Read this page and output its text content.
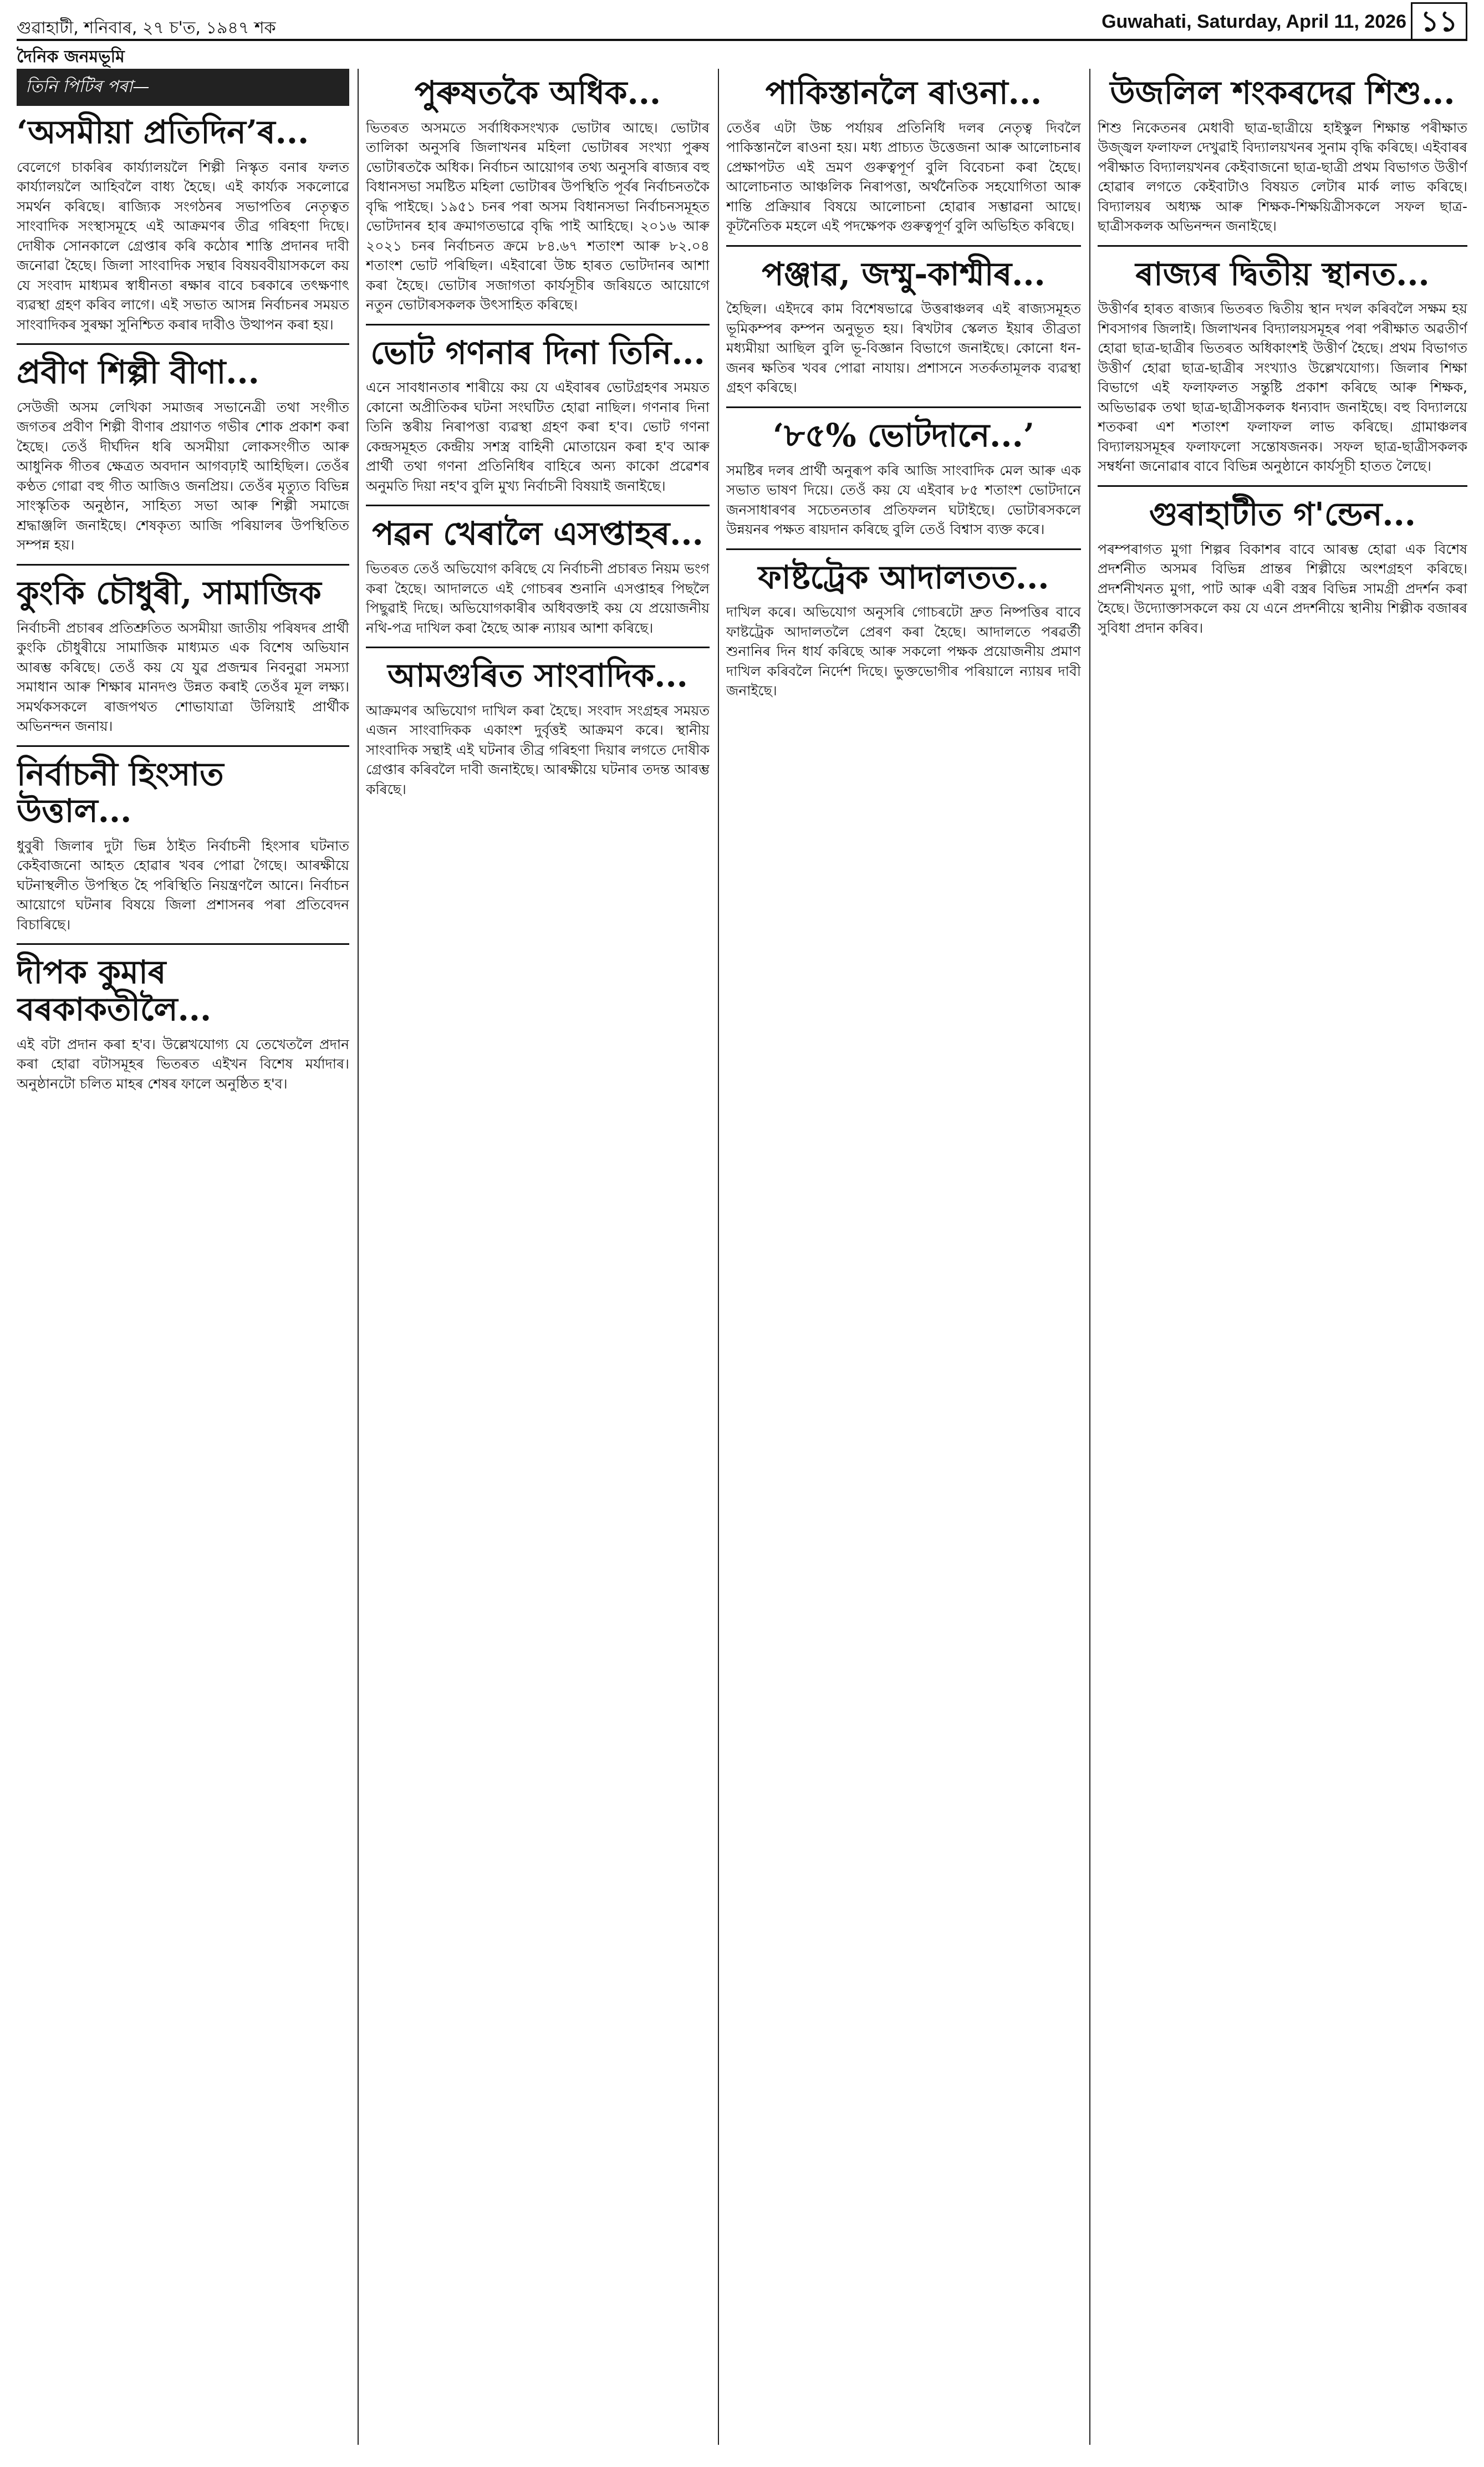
গুৱাহাটী, শনিবাৰ, ২৭ চ'ত, ১৯৪৭ শক	Guwahati, Saturday, April 11, 2026 ১১
দৈনিক জনমভূমি
তিনি পিটিৰ পৰা—
‘অসমীয়া প্ৰতিদিন’ৰ...
বেলেগে চাকৰিৰ কাৰ্য্যালয়লৈ শিল্পী নিস্কৃত বনাৰ ফলত কাৰ্য্যালয়লৈ আহিবলৈ বাধ্য হৈছে। এই কাৰ্য্যক সকলোৱে সমৰ্থন কৰিছে। ৰাজ্যিক সংগঠনৰ সভাপতিৰ নেতৃত্বত সাংবাদিক সংস্থাসমূহে এই আক্ৰমণৰ তীব্ৰ গৰিহণা দিছে। দোষীক সোনকালে গ্ৰেপ্তাৰ কৰি কঠোৰ শাস্তি প্ৰদানৰ দাবী জনোৱা হৈছে। জিলা সাংবাদিক সন্থাৰ বিষয়ববীয়াসকলে কয় যে সংবাদ মাধ্যমৰ স্বাধীনতা ৰক্ষাৰ বাবে চৰকাৰে তৎক্ষণাৎ ব্যৱস্থা গ্ৰহণ কৰিব লাগে। এই সভাত আসন্ন নিৰ্বাচনৰ সময়ত সাংবাদিকৰ সুৰক্ষা সুনিশ্চিত কৰাৰ দাবীও উত্থাপন কৰা হয়।
প্ৰবীণ শিল্পী বীণা...
সেউজী অসম লেখিকা সমাজৰ সভানেত্ৰী তথা সংগীত জগতৰ প্ৰবীণ শিল্পী বীণাৰ প্ৰয়াণত গভীৰ শোক প্ৰকাশ কৰা হৈছে। তেওঁ দীৰ্ঘদিন ধৰি অসমীয়া লোকসংগীত আৰু আধুনিক গীতৰ ক্ষেত্ৰত অবদান আগবঢ়াই আহিছিল। তেওঁৰ কণ্ঠত গোৱা বহু গীত আজিও জনপ্ৰিয়। তেওঁৰ মৃত্যুত বিভিন্ন সাংস্কৃতিক অনুষ্ঠান, সাহিত্য সভা আৰু শিল্পী সমাজে শ্ৰদ্ধাঞ্জলি জনাইছে। শেষকৃত্য আজি পৰিয়ালৰ উপস্থিতিত সম্পন্ন হয়।
কুংকি চৌধুৰী, সামাজিক
নিৰ্বাচনী প্ৰচাৰৰ প্ৰতিশ্ৰুতিত অসমীয়া জাতীয় পৰিষদৰ প্ৰাৰ্থী কুংকি চৌধুৰীয়ে সামাজিক মাধ্যমত এক বিশেষ অভিযান আৰম্ভ কৰিছে। তেওঁ কয় যে যুৱ প্ৰজন্মৰ নিবনুৱা সমস্যা সমাধান আৰু শিক্ষাৰ মানদণ্ড উন্নত কৰাই তেওঁৰ মূল লক্ষ্য। সমৰ্থকসকলে ৰাজপথত শোভাযাত্ৰা উলিয়াই প্ৰাৰ্থীক অভিনন্দন জনায়।
নিৰ্বাচনী হিংসাত উত্তাল...
ধুবুৰী জিলাৰ দুটা ভিন্ন ঠাইত নিৰ্বাচনী হিংসাৰ ঘটনাত কেইবাজনো আহত হোৱাৰ খবৰ পোৱা গৈছে। আৰক্ষীয়ে ঘটনাস্থলীত উপস্থিত হৈ পৰিস্থিতি নিয়ন্ত্ৰণলৈ আনে। নিৰ্বাচন আয়োগে ঘটনাৰ বিষয়ে জিলা প্ৰশাসনৰ পৰা প্ৰতিবেদন বিচাৰিছে।
দীপক কুমাৰ বৰকাকতীলৈ...
এই বটা প্ৰদান কৰা হ'ব। উল্লেখযোগ্য যে তেখেতলৈ প্ৰদান কৰা হোৱা বটাসমূহৰ ভিতৰত এইখন বিশেষ মৰ্যাদাৰ। অনুষ্ঠানটো চলিত মাহৰ শেষৰ ফালে অনুষ্ঠিত হ'ব।
পুৰুষতকৈ অধিক...
ভিতৰত অসমতে সৰ্বাধিকসংখ্যক ভোটাৰ আছে। ভোটাৰ তালিকা অনুসৰি জিলাখনৰ মহিলা ভোটাৰৰ সংখ্যা পুৰুষ ভোটাৰতকৈ অধিক। নিৰ্বাচন আয়োগৰ তথ্য অনুসৰি ৰাজ্যৰ বহু বিধানসভা সমষ্টিত মহিলা ভোটাৰৰ উপস্থিতি পূৰ্বৰ নিৰ্বাচনতকৈ বৃদ্ধি পাইছে। ১৯৫১ চনৰ পৰা অসম বিধানসভা নিৰ্বাচনসমূহত ভোটদানৰ হাৰ ক্ৰমাগতভাৱে বৃদ্ধি পাই আহিছে। ২০১৬ আৰু ২০২১ চনৰ নিৰ্বাচনত ক্ৰমে ৮৪.৬৭ শতাংশ আৰু ৮২.০৪ শতাংশ ভোট পৰিছিল। এইবাৰো উচ্চ হাৰত ভোটদানৰ আশা কৰা হৈছে। ভোটাৰ সজাগতা কাৰ্যসূচীৰ জৰিয়তে আয়োগে নতুন ভোটাৰসকলক উৎসাহিত কৰিছে।
ভোট গণনাৰ দিনা তিনি...
এনে সাবধানতাৰ শাৰীয়ে কয় যে এইবাৰৰ ভোটগ্ৰহণৰ সময়ত কোনো অপ্ৰীতিকৰ ঘটনা সংঘটিত হোৱা নাছিল। গণনাৰ দিনা তিনি স্তৰীয় নিৰাপত্তা ব্যৱস্থা গ্ৰহণ কৰা হ'ব। ভোট গণনা কেন্দ্ৰসমূহত কেন্দ্ৰীয় সশস্ত্ৰ বাহিনী মোতায়েন কৰা হ'ব আৰু প্ৰাৰ্থী তথা গণনা প্ৰতিনিধিৰ বাহিৰে অন্য কাকো প্ৰৱেশৰ অনুমতি দিয়া নহ'ব বুলি মুখ্য নিৰ্বাচনী বিষয়াই জনাইছে।
পৱন খেৰালৈ এসপ্তাহৰ...
ভিতৰত তেওঁ অভিযোগ কৰিছে যে নিৰ্বাচনী প্ৰচাৰত নিয়ম ভংগ কৰা হৈছে। আদালতে এই গোচৰৰ শুনানি এসপ্তাহৰ পিছলৈ পিছুৱাই দিছে। অভিযোগকাৰীৰ অধিবক্তাই কয় যে প্ৰয়োজনীয় নথি-পত্ৰ দাখিল কৰা হৈছে আৰু ন্যায়ৰ আশা কৰিছে।
আমগুৰিত সাংবাদিক...
আক্ৰমণৰ অভিযোগ দাখিল কৰা হৈছে। সংবাদ সংগ্ৰহৰ সময়ত এজন সাংবাদিকক একাংশ দুৰ্বৃত্তই আক্ৰমণ কৰে। স্থানীয় সাংবাদিক সন্থাই এই ঘটনাৰ তীব্ৰ গৰিহণা দিয়াৰ লগতে দোষীক গ্ৰেপ্তাৰ কৰিবলৈ দাবী জনাইছে। আৰক্ষীয়ে ঘটনাৰ তদন্ত আৰম্ভ কৰিছে।
পাকিস্তানলৈ ৰাওনা...
তেওঁৰ এটা উচ্চ পৰ্যায়ৰ প্ৰতিনিধি দলৰ নেতৃত্ব দিবলৈ পাকিস্তানলৈ ৰাওনা হয়। মধ্য প্ৰাচ্যত উত্তেজনা আৰু আলোচনাৰ প্ৰেক্ষাপটত এই ভ্ৰমণ গুৰুত্বপূৰ্ণ বুলি বিবেচনা কৰা হৈছে। আলোচনাত আঞ্চলিক নিৰাপত্তা, অৰ্থনৈতিক সহযোগিতা আৰু শান্তি প্ৰক্ৰিয়াৰ বিষয়ে আলোচনা হোৱাৰ সম্ভাৱনা আছে। কূটনৈতিক মহলে এই পদক্ষেপক গুৰুত্বপূৰ্ণ বুলি অভিহিত কৰিছে।
পঞ্জাৱ, জম্মু-কাশ্মীৰ...
হৈছিল। এইদৰে কাম বিশেষভাৱে উত্তৰাঞ্চলৰ এই ৰাজ্যসমূহত ভূমিকম্পৰ কম্পন অনুভূত হয়। ৰিখটাৰ স্কেলত ইয়াৰ তীব্ৰতা মধ্যমীয়া আছিল বুলি ভূ-বিজ্ঞান বিভাগে জনাইছে। কোনো ধন-জনৰ ক্ষতিৰ খবৰ পোৱা নাযায়। প্ৰশাসনে সতৰ্কতামূলক ব্যৱস্থা গ্ৰহণ কৰিছে।
‘৮৫% ভোটদানে...’
সমষ্টিৰ দলৰ প্ৰাৰ্থী অনুৰূপ কৰি আজি সাংবাদিক মেল আৰু এক সভাত ভাষণ দিয়ে। তেওঁ কয় যে এইবাৰ ৮৫ শতাংশ ভোটদানে জনসাধাৰণৰ সচেতনতাৰ প্ৰতিফলন ঘটাইছে। ভোটাৰসকলে উন্নয়নৰ পক্ষত ৰায়দান কৰিছে বুলি তেওঁ বিশ্বাস ব্যক্ত কৰে।
ফাষ্টট্ৰেক আদালতত...
দাখিল কৰে। অভিযোগ অনুসৰি গোচৰটো দ্ৰুত নিষ্পত্তিৰ বাবে ফাষ্টট্ৰেক আদালতলৈ প্ৰেৰণ কৰা হৈছে। আদালতে পৰৱৰ্তী শুনানিৰ দিন ধাৰ্য কৰিছে আৰু সকলো পক্ষক প্ৰয়োজনীয় প্ৰমাণ দাখিল কৰিবলৈ নিৰ্দেশ দিছে। ভুক্তভোগীৰ পৰিয়ালে ন্যায়ৰ দাবী জনাইছে।
উজলিল শংকৰদেৱ শিশু...
শিশু নিকেতনৰ মেধাবী ছাত্ৰ-ছাত্ৰীয়ে হাইস্কুল শিক্ষান্ত পৰীক্ষাত উজ্জ্বল ফলাফল দেখুৱাই বিদ্যালয়খনৰ সুনাম বৃদ্ধি কৰিছে। এইবাৰৰ পৰীক্ষাত বিদ্যালয়খনৰ কেইবাজনো ছাত্ৰ-ছাত্ৰী প্ৰথম বিভাগত উত্তীৰ্ণ হোৱাৰ লগতে কেইবাটাও বিষয়ত লেটাৰ মাৰ্ক লাভ কৰিছে। বিদ্যালয়ৰ অধ্যক্ষ আৰু শিক্ষক-শিক্ষয়িত্ৰীসকলে সফল ছাত্ৰ-ছাত্ৰীসকলক অভিনন্দন জনাইছে।
ৰাজ্যৰ দ্বিতীয় স্থানত...
উত্তীৰ্ণৰ হাৰত ৰাজ্যৰ ভিতৰত দ্বিতীয় স্থান দখল কৰিবলৈ সক্ষম হয় শিবসাগৰ জিলাই। জিলাখনৰ বিদ্যালয়সমূহৰ পৰা পৰীক্ষাত অৱতীৰ্ণ হোৱা ছাত্ৰ-ছাত্ৰীৰ ভিতৰত অধিকাংশই উত্তীৰ্ণ হৈছে। প্ৰথম বিভাগত উত্তীৰ্ণ হোৱা ছাত্ৰ-ছাত্ৰীৰ সংখ্যাও উল্লেখযোগ্য। জিলাৰ শিক্ষা বিভাগে এই ফলাফলত সন্তুষ্টি প্ৰকাশ কৰিছে আৰু শিক্ষক, অভিভাৱক তথা ছাত্ৰ-ছাত্ৰীসকলক ধন্যবাদ জনাইছে। বহু বিদ্যালয়ে শতকৰা এশ শতাংশ ফলাফল লাভ কৰিছে। গ্ৰামাঞ্চলৰ বিদ্যালয়সমূহৰ ফলাফলো সন্তোষজনক। সফল ছাত্ৰ-ছাত্ৰীসকলক সম্বৰ্ধনা জনোৱাৰ বাবে বিভিন্ন অনুষ্ঠানে কাৰ্যসূচী হাতত লৈছে।
গুৰাহাটীত গ'ন্ডেন...
পৰম্পৰাগত মুগা শিল্পৰ বিকাশৰ বাবে আৰম্ভ হোৱা এক বিশেষ প্ৰদৰ্শনীত অসমৰ বিভিন্ন প্ৰান্তৰ শিল্পীয়ে অংশগ্ৰহণ কৰিছে। প্ৰদৰ্শনীখনত মুগা, পাট আৰু এৰী বস্ত্ৰৰ বিভিন্ন সামগ্ৰী প্ৰদৰ্শন কৰা হৈছে। উদ্যোক্তাসকলে কয় যে এনে প্ৰদৰ্শনীয়ে স্থানীয় শিল্পীক বজাৰৰ সুবিধা প্ৰদান কৰিব।
